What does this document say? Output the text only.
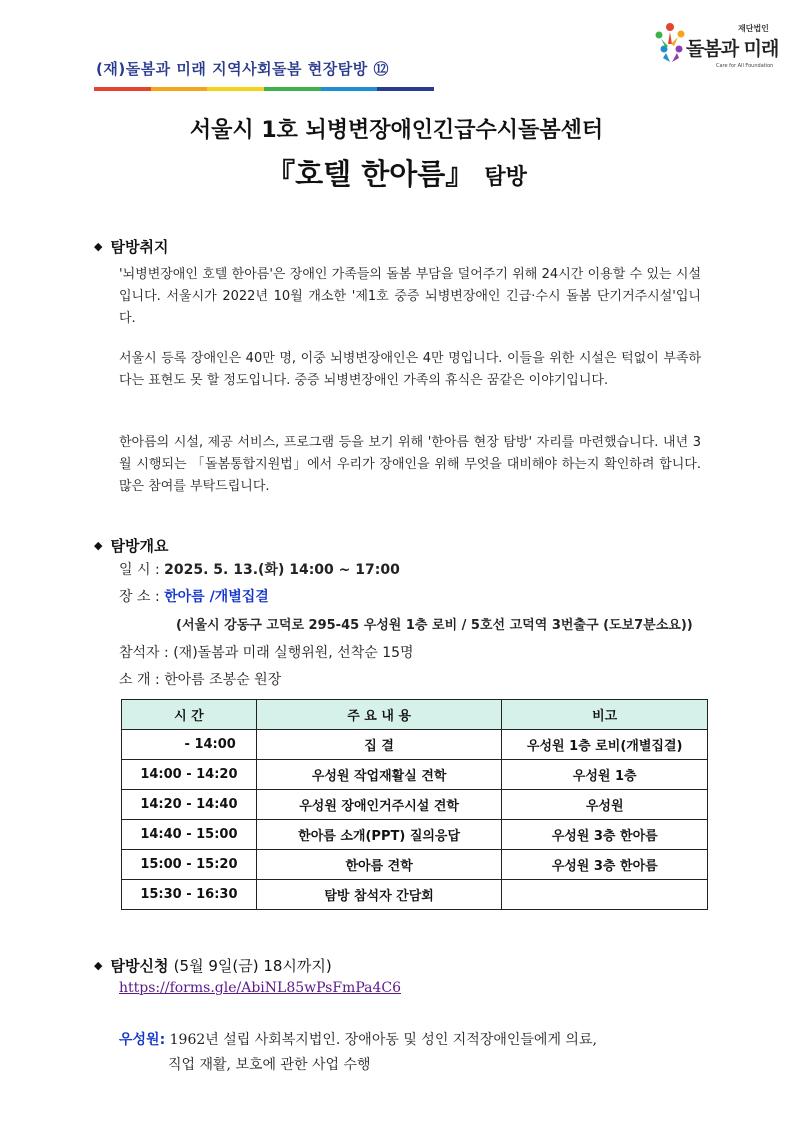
(재)돌봄과 미래 지역사회돌봄 현장탐방 ⑫
재단법인
돌봄과 미래
Care for All Foundation
서울시 1호 뇌병변장애인긴급수시돌봄센터
『호텔 한아름』 탐방
◆ 탐방취지
'뇌병변장애인 호텔 한아름'은 장애인 가족들의 돌봄 부담을 덜어주기 위해 24시간 이용할 수 있는 시설입니다. 서울시가 2022년 10월 개소한 '제1호 중증 뇌병변장애인 긴급·수시 돌봄 단기거주시설'입니다.
서울시 등록 장애인은 40만 명, 이중 뇌병변장애인은 4만 명입니다. 이들을 위한 시설은 턱없이 부족하다는 표현도 못 할 정도입니다. 중증 뇌병변장애인 가족의 휴식은 꿈같은 이야기입니다.
한아름의 시설, 제공 서비스, 프로그램 등을 보기 위해 '한아름 현장 탐방' 자리를 마련했습니다. 내년 3월 시행되는 「돌봄통합지원법」에서 우리가 장애인을 위해 무엇을 대비해야 하는지 확인하려 합니다. 많은 참여를 부탁드립니다.
◆ 탐방개요
일 시 : 2025. 5. 13.(화) 14:00 ~ 17:00
장 소 : 한아름 /개별집결
(서울시 강동구 고덕로 295-45 우성원 1층 로비 / 5호선 고덕역 3번출구 (도보7분소요))
참석자 : (재)돌봄과 미래 실행위원, 선착순 15명
소 개 : 한아름 조봉순 원장
시 간	주 요 내 용	비고
- 14:00	집 결	우성원 1층 로비(개별집결)
14:00 - 14:20	우성원 작업재활실 견학	우성원 1층
14:20 - 14:40	우성원 장애인거주시설 견학	우성원
14:40 - 15:00	한아름 소개(PPT) 질의응답	우성원 3층 한아름
15:00 - 15:20	한아름 견학	우성원 3층 한아름
15:30 - 16:30	탐방 참석자 간담회	
◆ 탐방신청 (5월 9일(금) 18시까지)
https://forms.gle/AbiNL85wPsFmPa4C6
우성원: 1962년 설립 사회복지법인. 장애아동 및 성인 지적장애인들에게 의료,
직업 재활, 보호에 관한 사업 수행
